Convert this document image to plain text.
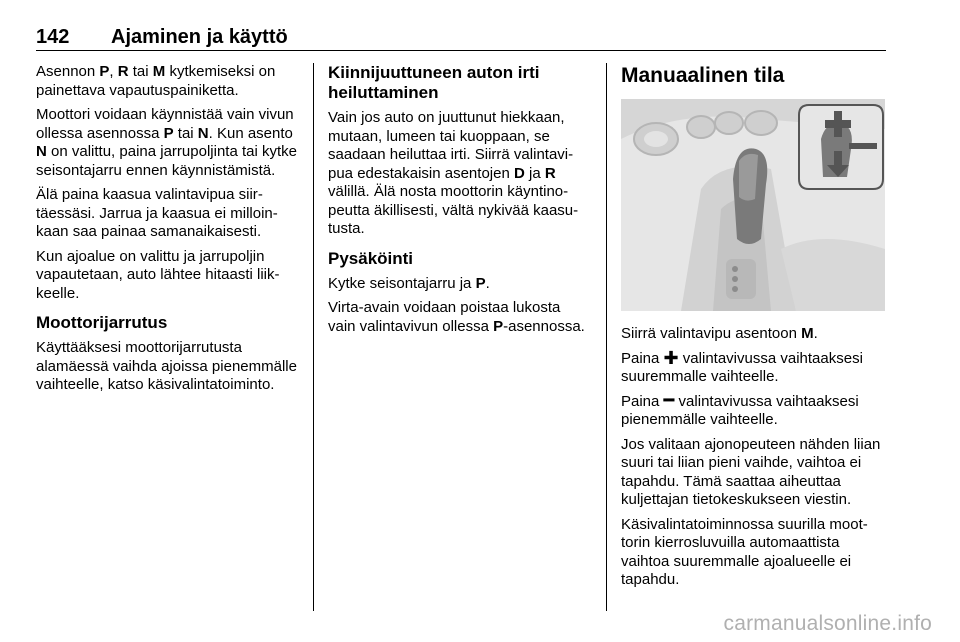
142 Ajaminen ja käyttö

Asennon P, R tai M kytkemiseksi on painettava vapautuspainiketta.

Moottori voidaan käynnistää vain vivun ollessa asennossa P tai N. Kun asento N on valittu, paina jarrupoljinta tai kytke seisontajarru ennen käynnistämistä.

Älä paina kaasua valintavipua siirtäessäsi. Jarrua ja kaasua ei milloinkaan saa painaa samanaikaisesti.

Kun ajoalue on valittu ja jarrupoljin vapautetaan, auto lähtee hitaasti liikkeelle.

Moottorijarrutus

Käyttääksesi moottorijarrutusta alamäessä vaihda ajoissa pienemmälle vaihteelle, katso käsivalintatoiminto.

Kiinnijuuttuneen auton irti heiluttaminen

Vain jos auto on juuttunut hiekkaan, mutaan, lumeen tai kuoppaan, se saadaan heiluttaa irti. Siirrä valintavipua edestakaisin asentojen D ja R välillä. Älä nosta moottorin käyntinopeutta äkillisesti, vältä nykivää kaasutusta.

Pysäköinti

Kytke seisontajarru ja P.

Virta-avain voidaan poistaa lukosta vain valintavivun ollessa P-asennossa.

Manuaalinen tila

Siirrä valintavipu asentoon M.

Paina ✚ valintavivussa vaihtaaksesi suuremmalle vaihteelle.

Paina ━ valintavivussa vaihtaaksesi pienemmälle vaihteelle.

Jos valitaan ajonopeuteen nähden liian suuri tai liian pieni vaihde, vaihtoa ei tapahdu. Tämä saattaa aiheuttaa kuljettajan tietokeskukseen viestin.

Käsivalintatoiminnossa suurilla moottorin kierrosluvuilla automaattista vaihtoa suuremmalle ajoalueelle ei tapahdu.

carmanualsonline.info
